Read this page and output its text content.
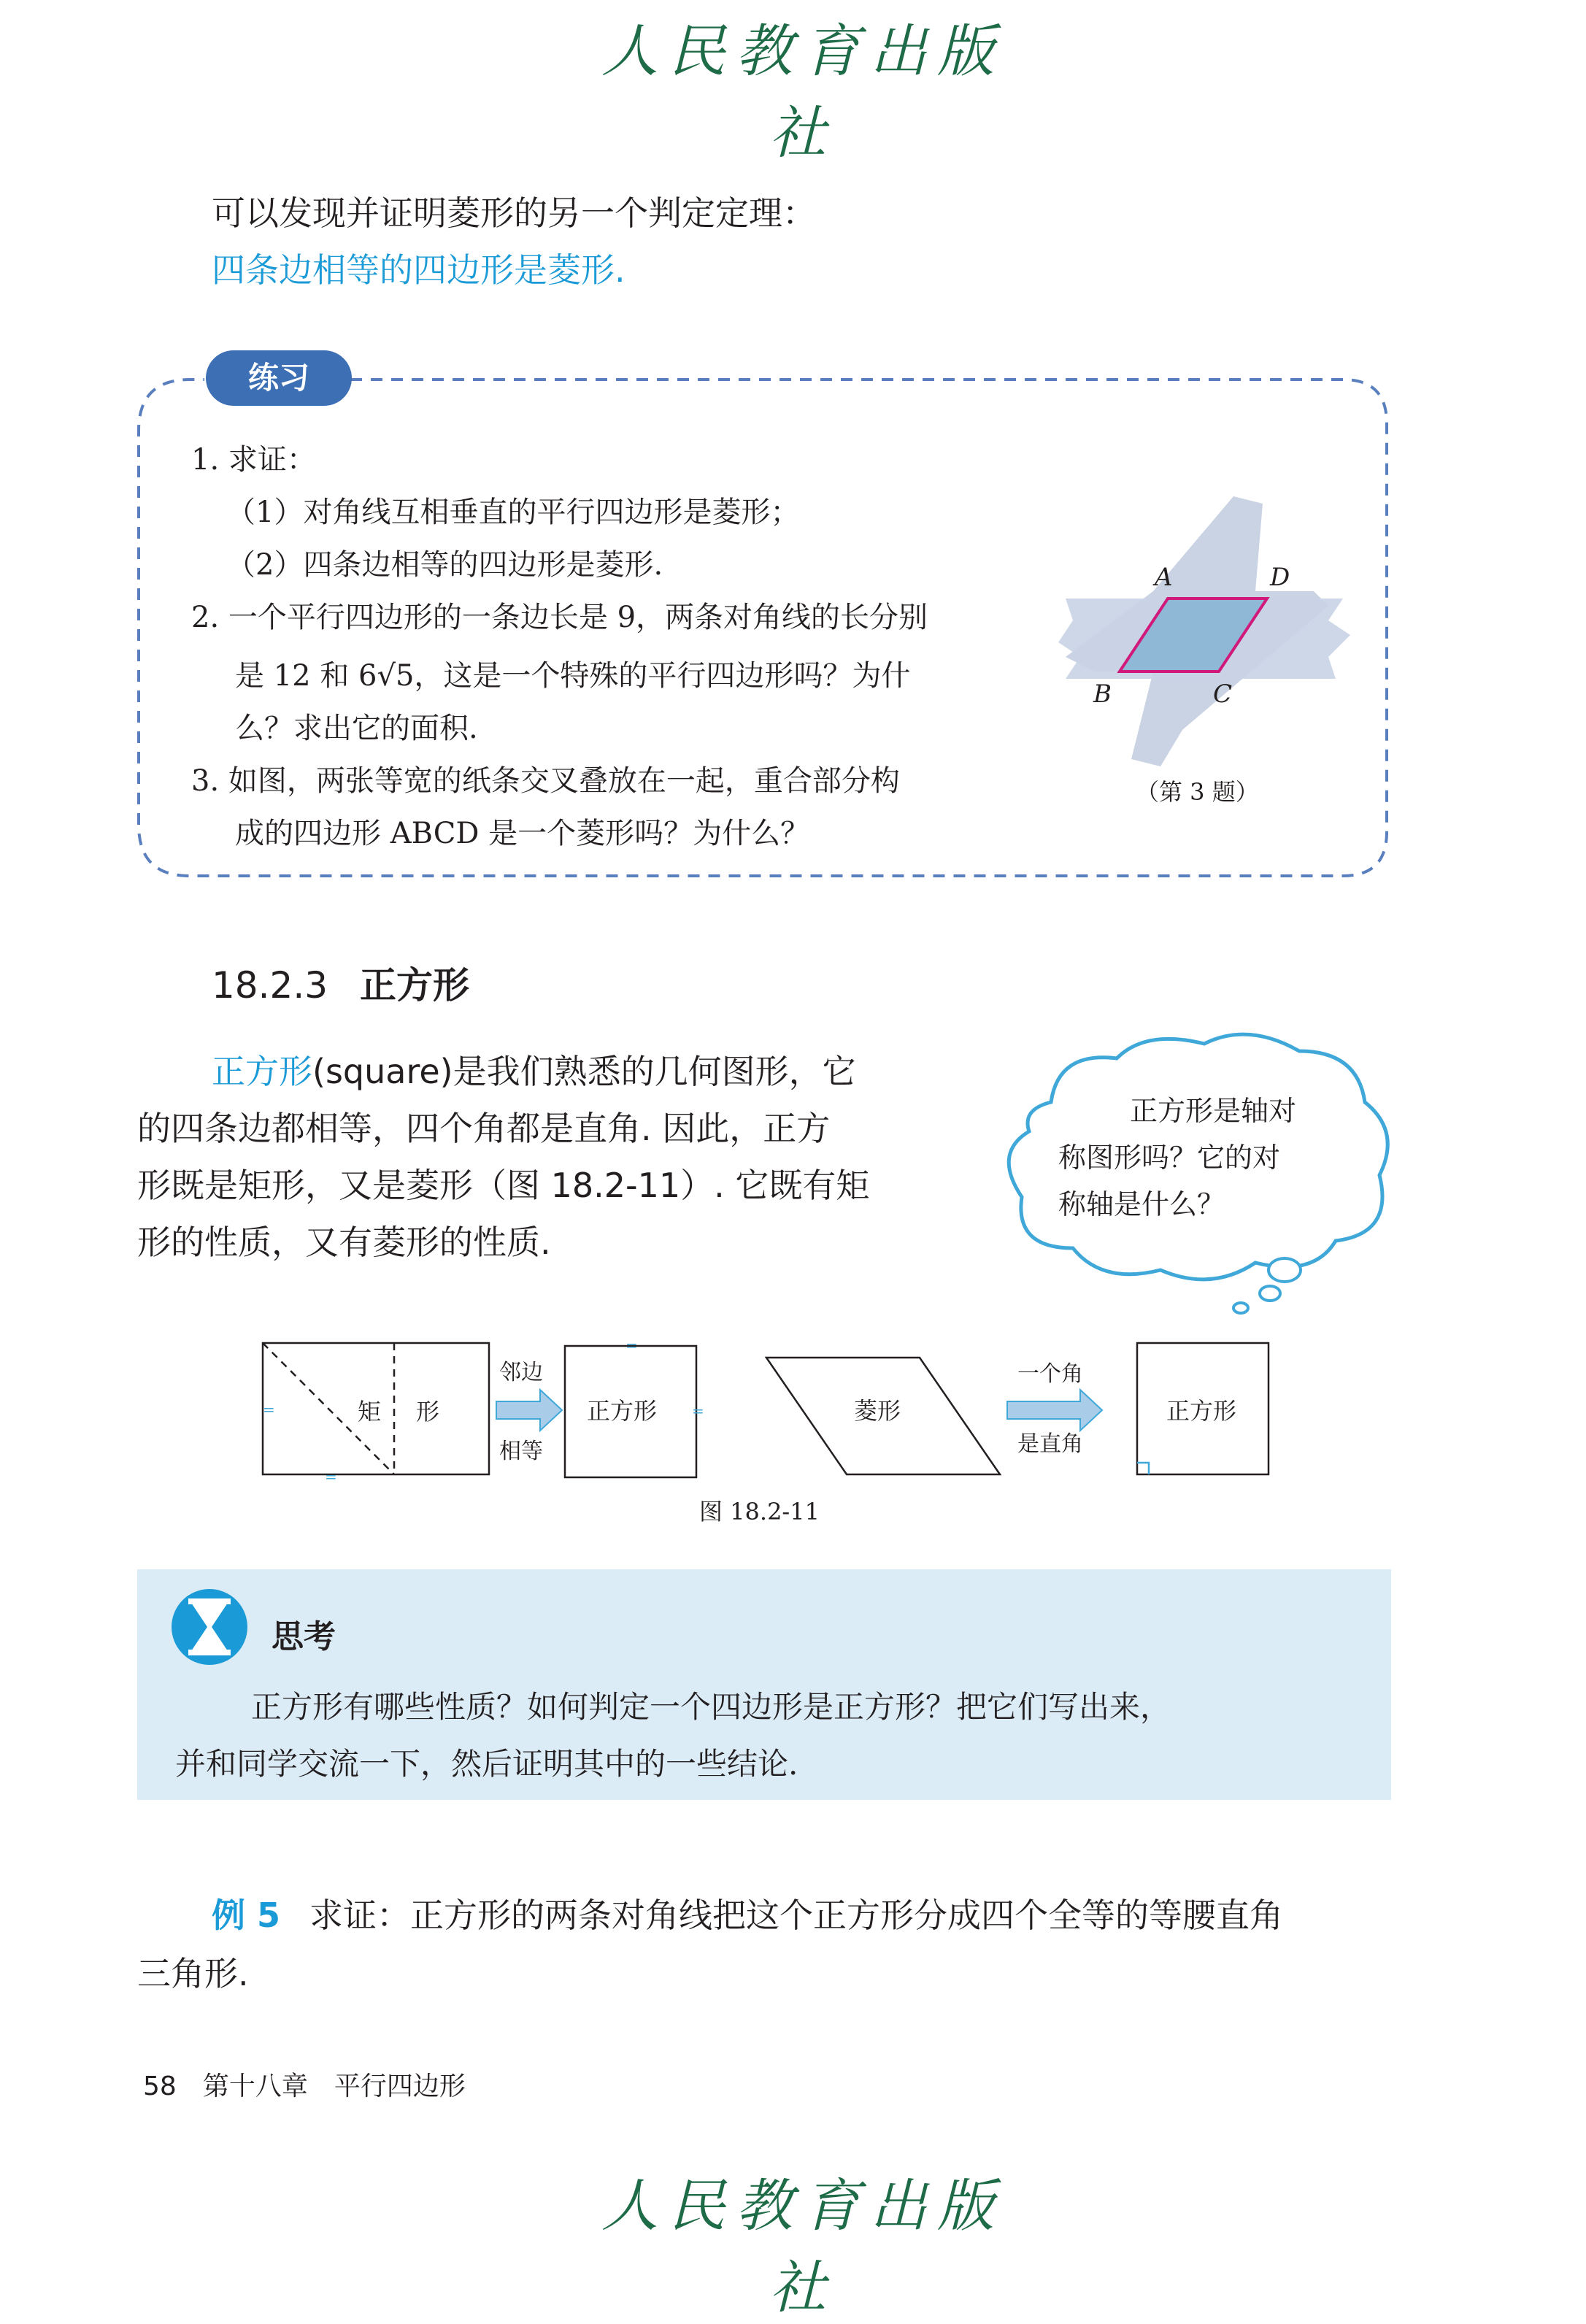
人民教育出版社
可以发现并证明菱形的另一个判定定理：
四条边相等的四边形是菱形.
练习
1. 求证：
（1）对角线互相垂直的平行四边形是菱形；
（2）四条边相等的四边形是菱形.
2. 一个平行四边形的一条边长是 9，两条对角线的长分别
是 12 和 6√5，这是一个特殊的平行四边形吗？为什
么？求出它的面积.
3. 如图，两张等宽的纸条交叉叠放在一起，重合部分构
成的四边形 ABCD 是一个菱形吗？为什么？
A	D
B	C
（第 3 题）
18.2.3 正方形
正方形(square)是我们熟悉的几何图形，它
的四条边都相等，四个角都是直角. 因此，正方
形既是矩形，又是菱形（图 18.2-11）. 它既有矩
形的性质，又有菱形的性质.
正方形是轴对
称图形吗？它的对
称轴是什么？
=
=
矩 形
邻边
相等
=
=
正方形	菱形
一个角
是直角
正方形
图 18.2-11
思考
正方形有哪些性质？如何判定一个四边形是正方形？把它们写出来，
并和同学交流一下，然后证明其中的一些结论.
例 5 求证：正方形的两条对角线把这个正方形分成四个全等的等腰直角
三角形.
58 第十八章 平行四边形
人民教育出版社
